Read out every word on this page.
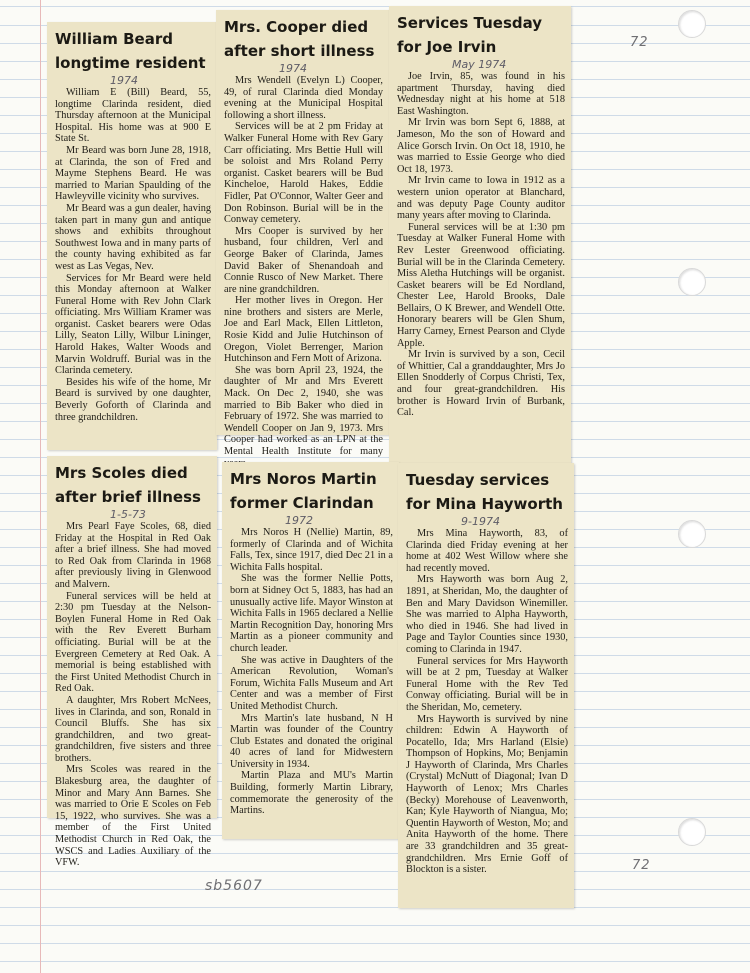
72
72
sb5607
William Beard longtime resident
1974

William E (Bill) Beard, 55, longtime Clarinda resident, died Thursday afternoon at the Municipal Hospital. His home was at 900 E State St.

Mr Beard was born June 28, 1918, at Clarinda, the son of Fred and Mayme Stephens Beard. He was married to Marian Spaulding of the Hawleyville vicinity who survives.

Mr Beard was a gun dealer, having taken part in many gun and antique shows and exhibits throughout Southwest Iowa and in many parts of the county having exhibited as far west as Las Vegas, Nev.

Services for Mr Beard were held this Monday afternoon at Walker Funeral Home with Rev John Clark officiating. Mrs William Kramer was organist. Casket bearers were Odas Lilly, Seaton Lilly, Wilbur Lininger, Harold Hakes, Walter Woods and Marvin Woldruff. Burial was in the Clarinda cemetery.

Besides his wife of the home, Mr Beard is survived by one daughter, Beverly Goforth of Clarinda and three grandchildren.

Mrs. Cooper died after short illness
1974

Mrs Wendell (Evelyn L) Cooper, 49, of rural Clarinda died Monday evening at the Municipal Hospital following a short illness.

Services will be at 2 pm Friday at Walker Funeral Home with Rev Gary Carr officiating. Mrs Bettie Hull will be soloist and Mrs Roland Perry organist. Casket bearers will be Bud Kincheloe, Harold Hakes, Eddie Fidler, Pat O'Connor, Walter Geer and Don Robinson. Burial will be in the Conway cemetery.

Mrs Cooper is survived by her husband, four children, Verl and George Baker of Clarinda, James David Baker of Shenandoah and Connie Rusco of New Market. There are nine grandchildren.

Her mother lives in Oregon. Her nine brothers and sisters are Merle, Joe and Earl Mack, Ellen Littleton, Rosie Kidd and Julie Hutchinson of Oregon, Violet Berrenger, Marion Hutchinson and Fern Mott of Arizona.

She was born April 23, 1924, the daughter of Mr and Mrs Everett Mack. On Dec 2, 1940, she was married to Bib Baker who died in February of 1972. She was married to Wendell Cooper on Jan 9, 1973. Mrs Cooper had worked as an LPN at the Mental Health Institute for many

Services Tuesday for Joe Irvin
May 1974

Joe Irvin, 85, was found in his apartment Thursday, having died Wednesday night at his home at 518 East Washington.

Mr Irvin was born Sept 6, 1888, at Jameson, Mo the son of Howard and Alice Gorsch Irvin. On Oct 18, 1910, he was married to Essie George who died Oct 18, 1973.

Mr Irvin came to Iowa in 1912 as a western union operator at Blanchard, and was deputy Page County auditor many years after moving to Clarinda.

Funeral services will be at 1:30 pm Tuesday at Walker Funeral Home with Rev Lester Greenwood officiating. Burial will be in the Clarinda Cemetery. Miss Aletha Hutchings will be organist. Casket bearers will be Ed Nordland, Chester Lee, Harold Brooks, Dale Bellairs, O K Brewer, and Wendell Otte. Honorary bearers will be Glen Shum, Harry Carney, Ernest Pearson and Clyde Apple.

Mr Irvin is survived by a son, Cecil of Whittier, Cal a granddaughter, Mrs Jo Ellen Snodderly of Corpus Christi, Tex, and four great-grandchildren. His brother is Howard Irvin of Burbank, Cal.

Mrs Scoles died after brief illness
1-5-73

Mrs Pearl Faye Scoles, 68, died Friday at the Hospital in Red Oak after a brief illness. She had moved to Red Oak from Clarinda in 1968 after previously living in Glenwood and Malvern.

Funeral services will be held at 2:30 pm Tuesday at the Nelson-Boylen Funeral Home in Red Oak with the Rev Everett Burham officiating. Burial will be at the Evergreen Cemetery at Red Oak. A memorial is being established with the First United Methodist Church in Red Oak.

A daughter, Mrs Robert McNees, lives in Clarinda, and son, Ronald in Council Bluffs. She has six grandchildren, and two great-grandchildren, five sisters and three brothers.

Mrs Scoles was reared in the Blakesburg area, the daughter of Minor and Mary Ann Barnes. She was married to Orie E Scoles on Feb 15, 1922, who survives. She was a member of the First United Methodist Church in Red Oak, the WSCS and Ladies Auxiliary of the VFW.

Mrs Noros Martin former Clarindan
1972

Mrs Noros H (Nellie) Martin, 89, formerly of Clarinda and of Wichita Falls, Tex, since 1917, died Dec 21 in a Wichita Falls hospital.

She was the former Nellie Potts, born at Sidney Oct 5, 1883, has had an unusually active life. Mayor Winston at Wichita Falls in 1965 declared a Nellie Martin Recognition Day, honoring Mrs Martin as a pioneer community and church leader.

She was active in Daughters of the American Revolution, Woman's Forum, Wichita Falls Museum and Art Center and was a member of First United Methodist Church.

Mrs Martin's late husband, N H Martin was founder of the Country Club Estates and donated the original 40 acres of land for Midwestern University in 1934.

Martin Plaza and MU's Martin Building, formerly Martin Library, commemorate the generosity of the Martins.

Tuesday services for Mina Hayworth
9-1974

Mrs Mina Hayworth, 83, of Clarinda died Friday evening at her home at 402 West Willow where she had recently moved.

Mrs Hayworth was born Aug 2, 1891, at Sheridan, Mo, the daughter of Ben and Mary Davidson Winemiller. She was married to Alpha Hayworth, who died in 1946. She had lived in Page and Taylor Counties since 1930, coming to Clarinda in 1947.

Funeral services for Mrs Hayworth will be at 2 pm, Tuesday at Walker Funeral Home with the Rev Ted Conway officiating. Burial will be in the Sheridan, Mo, cemetery.

Mrs Hayworth is survived by nine children: Edwin A Hayworth of Pocatello, Ida; Mrs Harland (Elsie) Thompson of Hopkins, Mo; Benjamin J Hayworth of Clarinda, Mrs Charles (Crystal) McNutt of Diagonal; Ivan D Hayworth of Lenox; Mrs Charles (Becky) Morehouse of Leavenworth, Kan; Kyle Hayworth of Niangua, Mo; Quentin Hayworth of Weston, Mo; and Anita Hayworth of the home. There are 33 grandchildren and 35 great-grandchildren. Mrs Ernie Goff of Blockton is a sister.
